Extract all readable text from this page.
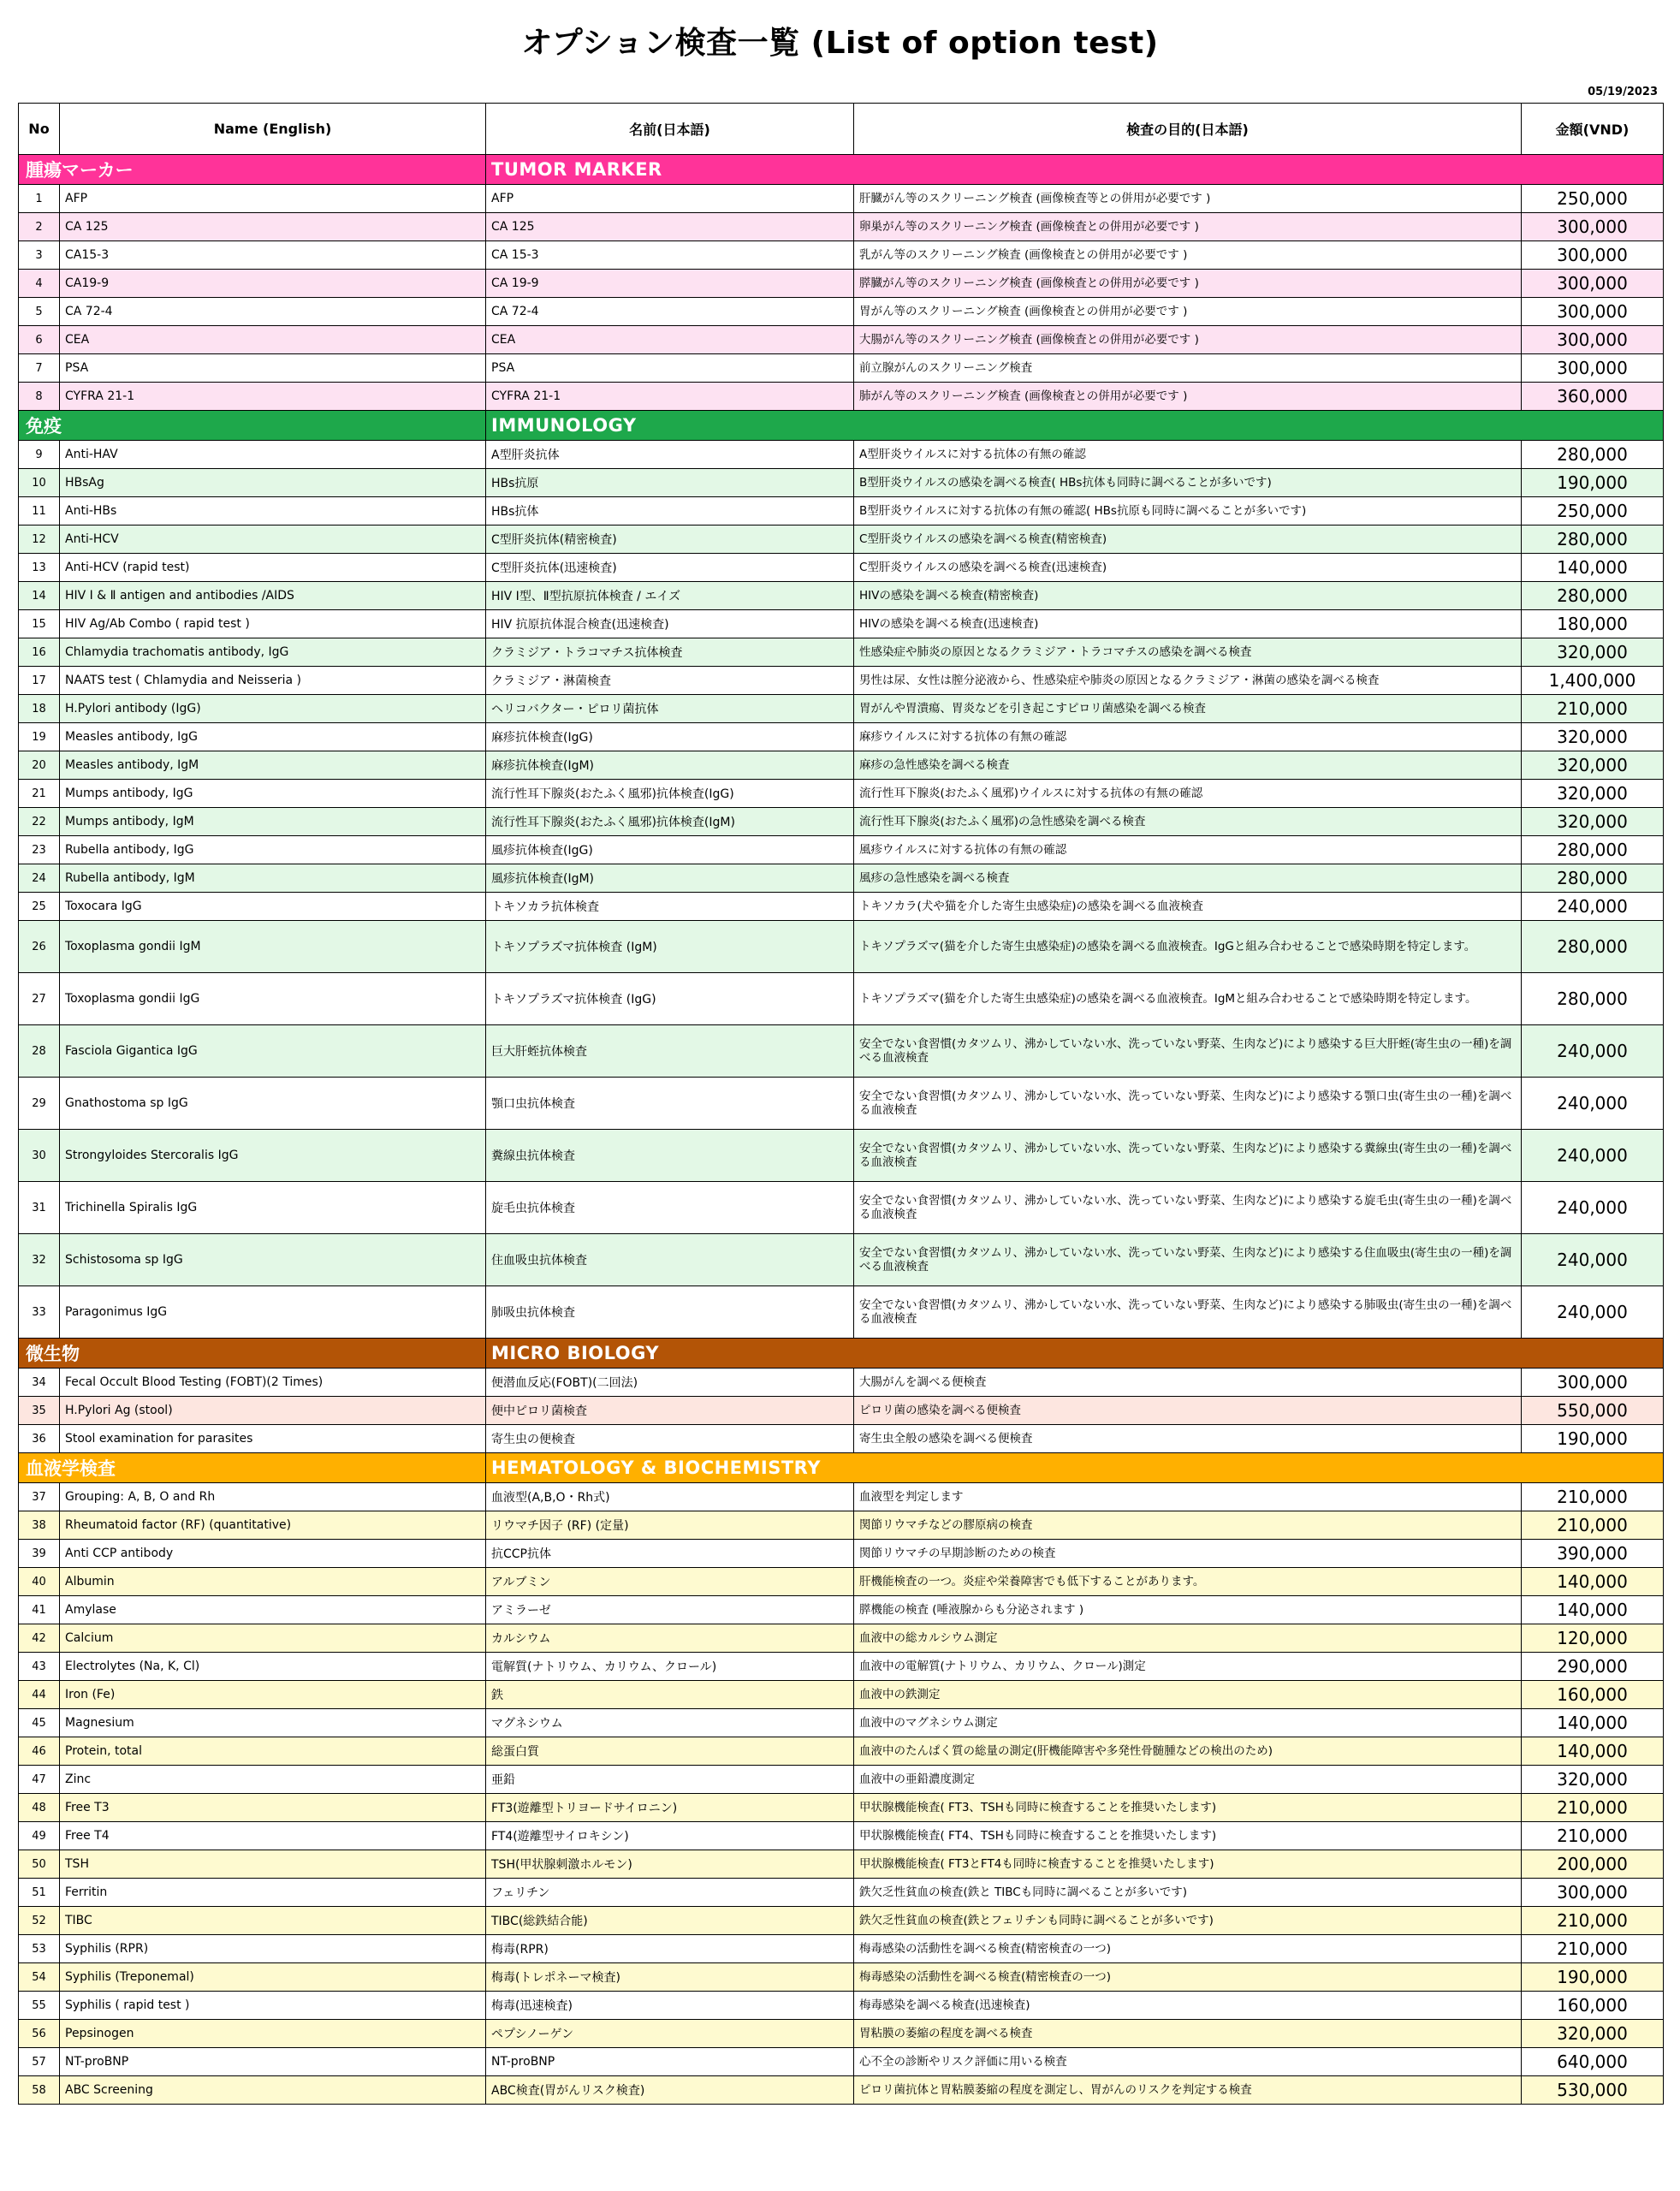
オプション検査一覧 (List of option test)
05/19/2023
No	Name (English)	名前(日本語)	検査の目的(日本語)	金額(VND)
腫瘍マーカー		TUMOR MARKER		
1	AFP	AFP	肝臓がん等のスクリーニング検査 (画像検査等との併用が必要です )	250,000
2	CA 125	CA 125	卵巣がん等のスクリーニング検査 (画像検査との併用が必要です )	300,000
3	CA15-3	CA 15-3	乳がん等のスクリーニング検査 (画像検査との併用が必要です )	300,000
4	CA19-9	CA 19-9	膵臓がん等のスクリーニング検査 (画像検査との併用が必要です )	300,000
5	CA 72-4	CA 72-4	胃がん等のスクリーニング検査 (画像検査との併用が必要です )	300,000
6	CEA	CEA	大腸がん等のスクリーニング検査 (画像検査との併用が必要です )	300,000
7	PSA	PSA	前立腺がんのスクリーニング検査	300,000
8	CYFRA 21-1	CYFRA 21-1	肺がん等のスクリーニング検査 (画像検査との併用が必要です )	360,000
免疫		IMMUNOLOGY		
9	Anti-HAV	A型肝炎抗体	A型肝炎ウイルスに対する抗体の有無の確認	280,000
10	HBsAg	HBs抗原	B型肝炎ウイルスの感染を調べる検査( HBs抗体も同時に調べることが多いです)	190,000
11	Anti-HBs	HBs抗体	B型肝炎ウイルスに対する抗体の有無の確認( HBs抗原も同時に調べることが多いです)	250,000
12	Anti-HCV	C型肝炎抗体(精密検査)	C型肝炎ウイルスの感染を調べる検査(精密検査)	280,000
13	Anti-HCV (rapid test)	C型肝炎抗体(迅速検査)	C型肝炎ウイルスの感染を調べる検査(迅速検査)	140,000
14	HIV Ⅰ & Ⅱ antigen and antibodies /AIDS	HIV Ⅰ型、Ⅱ型抗原抗体検査 / エイズ	HIVの感染を調べる検査(精密検査)	280,000
15	HIV Ag/Ab Combo ( rapid test )	HIV 抗原抗体混合検査(迅速検査)	HIVの感染を調べる検査(迅速検査)	180,000
16	Chlamydia trachomatis antibody, IgG	クラミジア・トラコマチス抗体検査	性感染症や肺炎の原因となるクラミジア・トラコマチスの感染を調べる検査	320,000
17	NAATS test ( Chlamydia and Neisseria )	クラミジア・淋菌検査	男性は尿、女性は膣分泌液から、性感染症や肺炎の原因となるクラミジア・淋菌の感染を調べる検査	1,400,000
18	H.Pylori antibody (IgG)	ヘリコバクター・ピロリ菌抗体	胃がんや胃潰瘍、胃炎などを引き起こすピロリ菌感染を調べる検査	210,000
19	Measles antibody, IgG	麻疹抗体検査(IgG)	麻疹ウイルスに対する抗体の有無の確認	320,000
20	Measles antibody, IgM	麻疹抗体検査(IgM)	麻疹の急性感染を調べる検査	320,000
21	Mumps antibody, IgG	流行性耳下腺炎(おたふく風邪)抗体検査(IgG)	流行性耳下腺炎(おたふく風邪)ウイルスに対する抗体の有無の確認	320,000
22	Mumps antibody, IgM	流行性耳下腺炎(おたふく風邪)抗体検査(IgM)	流行性耳下腺炎(おたふく風邪)の急性感染を調べる検査	320,000
23	Rubella antibody, IgG	風疹抗体検査(IgG)	風疹ウイルスに対する抗体の有無の確認	280,000
24	Rubella antibody, IgM	風疹抗体検査(IgM)	風疹の急性感染を調べる検査	280,000
25	Toxocara IgG	トキソカラ抗体検査	トキソカラ(犬や猫を介した寄生虫感染症)の感染を調べる血液検査	240,000
26	Toxoplasma gondii IgM	トキソプラズマ抗体検査 (IgM)	トキソプラズマ(猫を介した寄生虫感染症)の感染を調べる血液検査。IgGと組み合わせることで感染時期を特定します。	280,000
27	Toxoplasma gondii IgG	トキソプラズマ抗体検査 (IgG)	トキソプラズマ(猫を介した寄生虫感染症)の感染を調べる血液検査。IgMと組み合わせることで感染時期を特定します。	280,000
28	Fasciola Gigantica IgG	巨大肝蛭抗体検査	安全でない食習慣(カタツムリ、沸かしていない水、洗っていない野菜、生肉など)により感染する巨大肝蛭(寄生虫の一種)を調べる血液検査	240,000
29	Gnathostoma sp IgG	顎口虫抗体検査	安全でない食習慣(カタツムリ、沸かしていない水、洗っていない野菜、生肉など)により感染する顎口虫(寄生虫の一種)を調べる血液検査	240,000
30	Strongyloides Stercoralis IgG	糞線虫抗体検査	安全でない食習慣(カタツムリ、沸かしていない水、洗っていない野菜、生肉など)により感染する糞線虫(寄生虫の一種)を調べる血液検査	240,000
31	Trichinella Spiralis IgG	旋毛虫抗体検査	安全でない食習慣(カタツムリ、沸かしていない水、洗っていない野菜、生肉など)により感染する旋毛虫(寄生虫の一種)を調べる血液検査	240,000
32	Schistosoma sp IgG	住血吸虫抗体検査	安全でない食習慣(カタツムリ、沸かしていない水、洗っていない野菜、生肉など)により感染する住血吸虫(寄生虫の一種)を調べる血液検査	240,000
33	Paragonimus IgG	肺吸虫抗体検査	安全でない食習慣(カタツムリ、沸かしていない水、洗っていない野菜、生肉など)により感染する肺吸虫(寄生虫の一種)を調べる血液検査	240,000
微生物		MICRO BIOLOGY		
34	Fecal Occult Blood Testing (FOBT)(2 Times)	便潜血反応(FOBT)(二回法)	大腸がんを調べる便検査	300,000
35	H.Pylori Ag (stool)	便中ピロリ菌検査	ピロリ菌の感染を調べる便検査	550,000
36	Stool examination for parasites	寄生虫の便検査	寄生虫全般の感染を調べる便検査	190,000
血液学検査		HEMATOLOGY & BIOCHEMISTRY		
37	Grouping: A, B, O and Rh	血液型(A,B,O・Rh式)	血液型を判定します	210,000
38	Rheumatoid factor (RF) (quantitative)	リウマチ因子 (RF) (定量)	関節リウマチなどの膠原病の検査	210,000
39	Anti CCP antibody	抗CCP抗体	関節リウマチの早期診断のための検査	390,000
40	Albumin	アルブミン	肝機能検査の一つ。炎症や栄養障害でも低下することがあります。	140,000
41	Amylase	アミラーゼ	膵機能の検査 (唾液腺からも分泌されます )	140,000
42	Calcium	カルシウム	血液中の総カルシウム測定	120,000
43	Electrolytes (Na, K, Cl)	電解質(ナトリウム、カリウム、クロール)	血液中の電解質(ナトリウム、カリウム、クロール)測定	290,000
44	Iron (Fe)	鉄	血液中の鉄測定	160,000
45	Magnesium	マグネシウム	血液中のマグネシウム測定	140,000
46	Protein, total	総蛋白質	血液中のたんぱく質の総量の測定(肝機能障害や多発性骨髄腫などの検出のため)	140,000
47	Zinc	亜鉛	血液中の亜鉛濃度測定	320,000
48	Free T3	FT3(遊離型トリヨードサイロニン)	甲状腺機能検査( FT3、TSHも同時に検査することを推奨いたします)	210,000
49	Free T4	FT4(遊離型サイロキシン)	甲状腺機能検査( FT4、TSHも同時に検査することを推奨いたします)	210,000
50	TSH	TSH(甲状腺刺激ホルモン)	甲状腺機能検査( FT3とFT4も同時に検査することを推奨いたします)	200,000
51	Ferritin	フェリチン	鉄欠乏性貧血の検査(鉄と TIBCも同時に調べることが多いです)	300,000
52	TIBC	TIBC(総鉄結合能)	鉄欠乏性貧血の検査(鉄とフェリチンも同時に調べることが多いです)	210,000
53	Syphilis (RPR)	梅毒(RPR)	梅毒感染の活動性を調べる検査(精密検査の一つ)	210,000
54	Syphilis (Treponemal)	梅毒(トレポネーマ検査)	梅毒感染の活動性を調べる検査(精密検査の一つ)	190,000
55	Syphilis ( rapid test )	梅毒(迅速検査)	梅毒感染を調べる検査(迅速検査)	160,000
56	Pepsinogen	ペプシノーゲン	胃粘膜の萎縮の程度を調べる検査	320,000
57	NT-proBNP	NT-proBNP	心不全の診断やリスク評価に用いる検査	640,000
58	ABC Screening	ABC検査(胃がんリスク検査)	ピロリ菌抗体と胃粘膜萎縮の程度を測定し、胃がんのリスクを判定する検査	530,000
